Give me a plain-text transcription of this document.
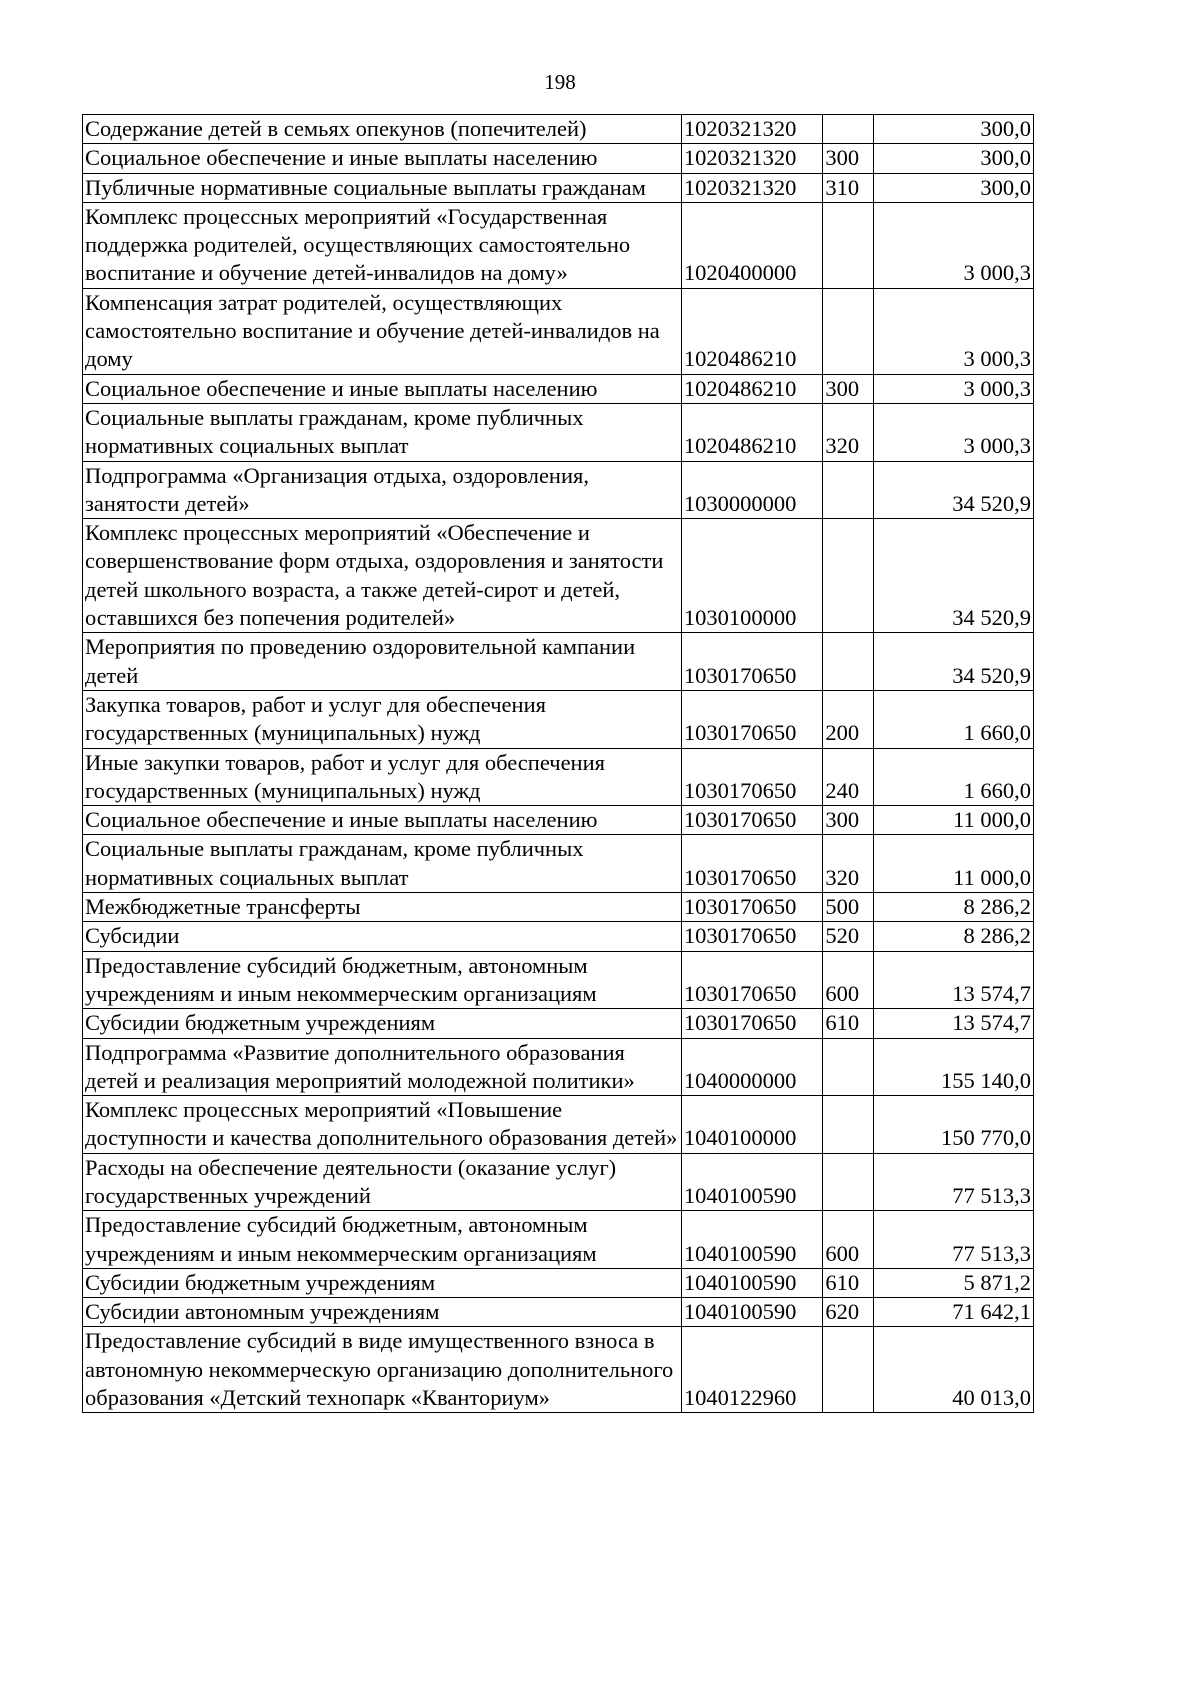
198
Содержание детей в семьях опекунов (попечителей)	1020321320		300,0
Социальное обеспечение и иные выплаты населению	1020321320	300	300,0
Публичные нормативные социальные выплаты гражданам	1020321320	310	300,0
Комплекс процессных мероприятий «Государственная поддержка родителей, осуществляющих самостоятельно воспитание и обучение детей-инвалидов на дому»	1020400000		3 000,3
Компенсация затрат родителей, осуществляющих самостоятельно воспитание и обучение детей-инвалидов на дому	1020486210		3 000,3
Социальное обеспечение и иные выплаты населению	1020486210	300	3 000,3
Социальные выплаты гражданам, кроме публичных нормативных социальных выплат	1020486210	320	3 000,3
Подпрограмма «Организация отдыха, оздоровления, занятости детей»	1030000000		34 520,9
Комплекс процессных мероприятий «Обеспечение и совершенствование форм отдыха, оздоровления и занятости детей школьного возраста, а также детей-сирот и детей, оставшихся без попечения родителей»	1030100000		34 520,9
Мероприятия по проведению оздоровительной кампании детей	1030170650		34 520,9
Закупка товаров, работ и услуг для обеспечения государственных (муниципальных) нужд	1030170650	200	1 660,0
Иные закупки товаров, работ и услуг для обеспечения государственных (муниципальных) нужд	1030170650	240	1 660,0
Социальное обеспечение и иные выплаты населению	1030170650	300	11 000,0
Социальные выплаты гражданам, кроме публичных нормативных социальных выплат	1030170650	320	11 000,0
Межбюджетные трансферты	1030170650	500	8 286,2
Субсидии	1030170650	520	8 286,2
Предоставление субсидий бюджетным, автономным учреждениям и иным некоммерческим организациям	1030170650	600	13 574,7
Субсидии бюджетным учреждениям	1030170650	610	13 574,7
Подпрограмма «Развитие дополнительного образования детей и реализация мероприятий молодежной политики»	1040000000		155 140,0
Комплекс процессных мероприятий «Повышение доступности и качества дополнительного образования детей»	1040100000		150 770,0
Расходы на обеспечение деятельности (оказание услуг) государственных учреждений	1040100590		77 513,3
Предоставление субсидий бюджетным, автономным учреждениям и иным некоммерческим организациям	1040100590	600	77 513,3
Субсидии бюджетным учреждениям	1040100590	610	5 871,2
Субсидии автономным учреждениям	1040100590	620	71 642,1
Предоставление субсидий в виде имущественного взноса в автономную некоммерческую организацию дополнительного образования «Детский технопарк «Кванториум»	1040122960		40 013,0
